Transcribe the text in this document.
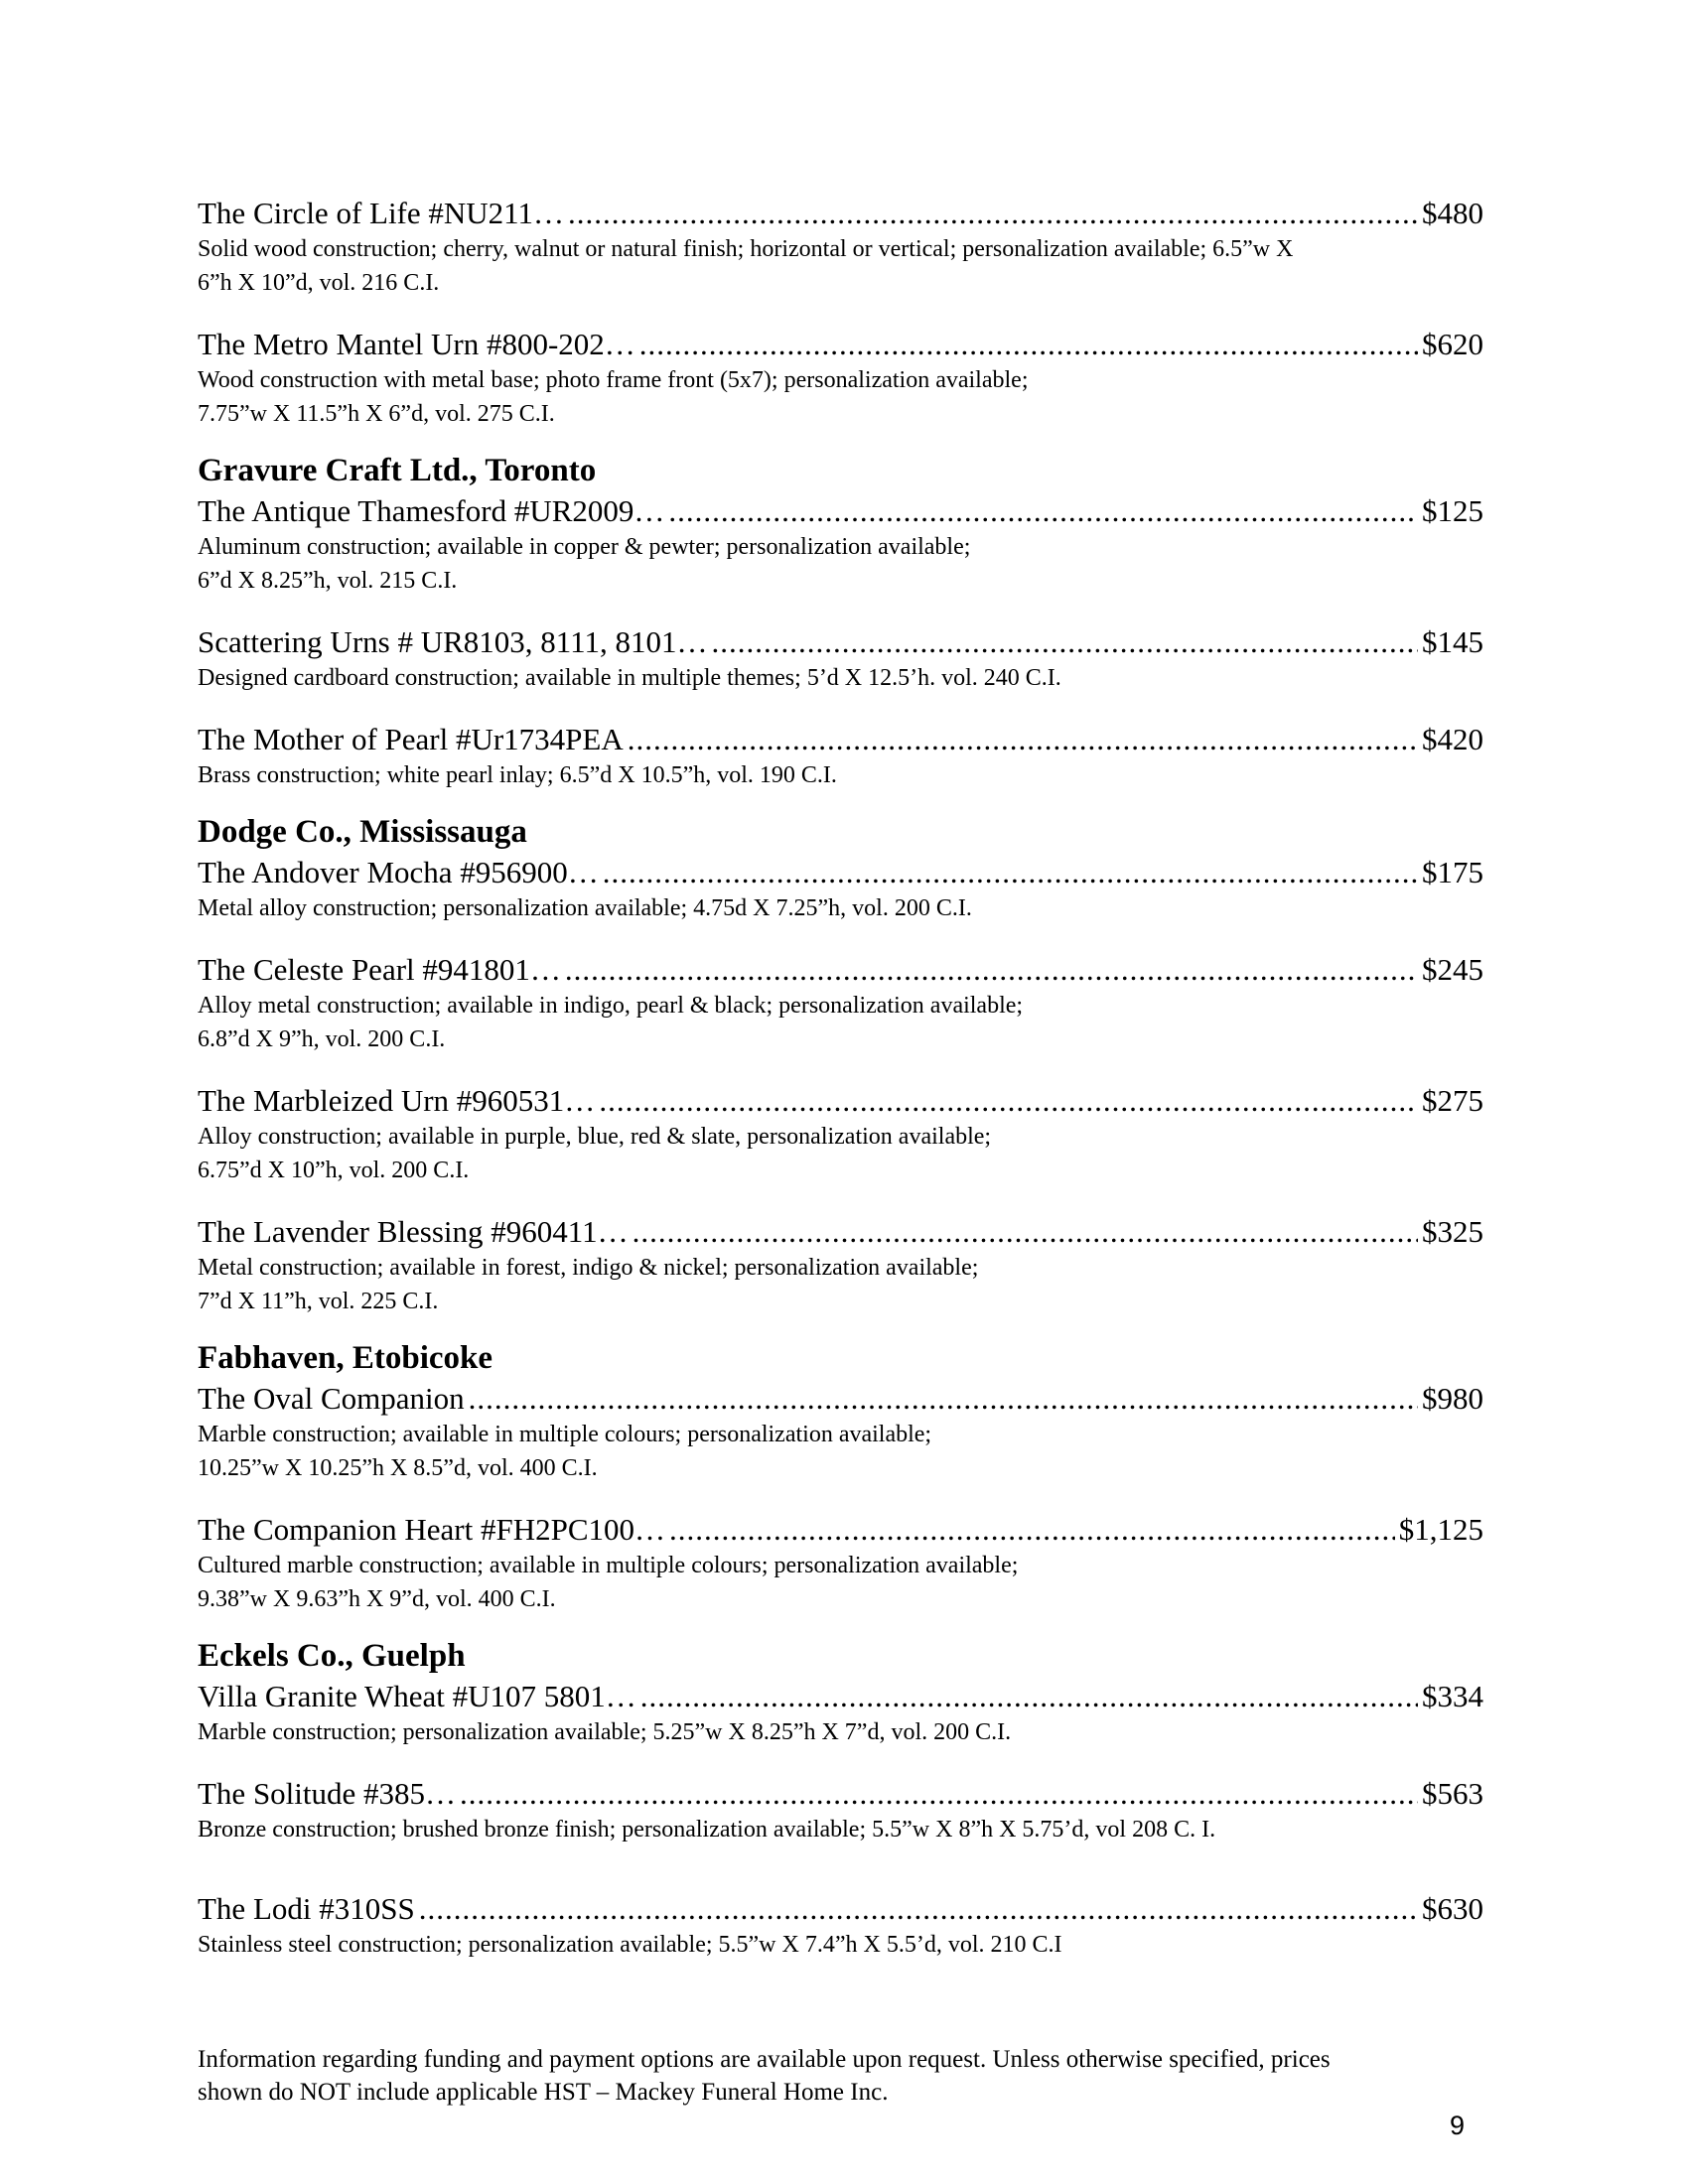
The Circle of Life #NU211… .....	$480
Solid wood construction; cherry, walnut or natural finish; horizontal or vertical; personalization available; 6.5”w X
6”h X 10”d, vol. 216 C.I.
The Metro Mantel Urn #800-202… .....	$620
Wood construction with metal base; photo frame front (5x7); personalization available;
7.75”w X 11.5”h X 6”d, vol. 275 C.I.
Gravure Craft Ltd., Toronto
The Antique Thamesford #UR2009… .....	$125
Aluminum construction; available in copper & pewter; personalization available;
6”d X 8.25”h, vol. 215 C.I.
Scattering Urns # UR8103, 8111, 8101… .....	$145
Designed cardboard construction; available in multiple themes; 5’d X 12.5’h. vol. 240 C.I.
The Mother of Pearl #Ur1734PEA .....	$420
Brass construction; white pearl inlay; 6.5”d X 10.5”h, vol. 190 C.I.
Dodge Co., Mississauga
The Andover Mocha #956900… .....	$175
Metal alloy construction; personalization available; 4.75d X 7.25”h, vol. 200 C.I.
The Celeste Pearl #941801… .....	$245
Alloy metal construction; available in indigo, pearl & black; personalization available;
6.8”d X 9”h, vol. 200 C.I.
The Marbleized Urn #960531… .....	$275
Alloy construction; available in purple, blue, red & slate, personalization available;
6.75”d X 10”h, vol. 200 C.I.
The Lavender Blessing #960411… .....	$325
Metal construction; available in forest, indigo & nickel; personalization available;
7”d X 11”h, vol. 225 C.I.
Fabhaven, Etobicoke
The Oval Companion .....	$980
Marble construction; available in multiple colours; personalization available;
10.25”w X 10.25”h X 8.5”d, vol. 400 C.I.
The Companion Heart #FH2PC100… .....	$1,125
Cultured marble construction; available in multiple colours; personalization available;
9.38”w X 9.63”h X 9”d, vol. 400 C.I.
Eckels Co., Guelph
Villa Granite Wheat #U107 5801… .....	$334
Marble construction; personalization available; 5.25”w X 8.25”h X 7”d, vol. 200 C.I.
The Solitude #385… .....	$563
Bronze construction; brushed bronze finish; personalization available; 5.5”w X 8”h X 5.75’d, vol 208 C. I.
The Lodi #310SS .....	$630
Stainless steel construction; personalization available; 5.5”w X 7.4”h X 5.5’d, vol. 210 C.I
Information regarding funding and payment options are available upon request. Unless otherwise specified, prices
shown do NOT include applicable HST – Mackey Funeral Home Inc.
9
